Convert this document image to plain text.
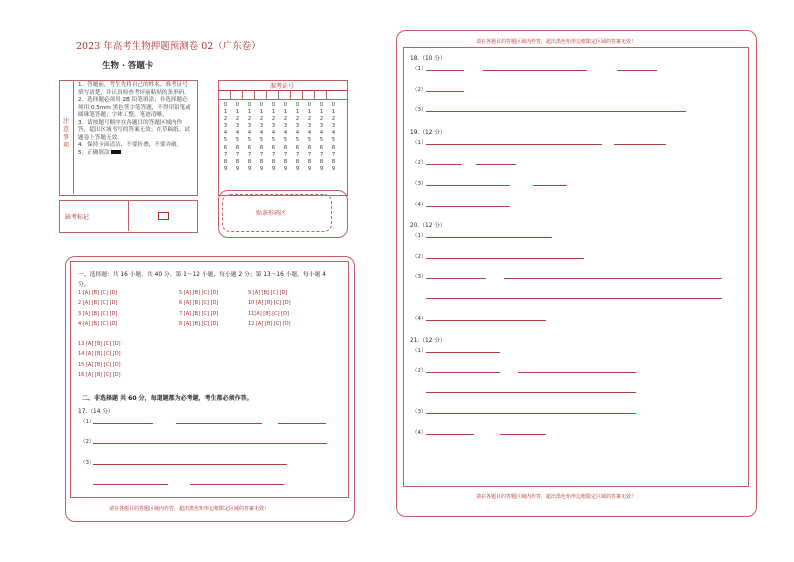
2023 年高考生物押题预测卷 02（广东卷）
生物 · 答题卡
注意事项
1．答题前，考生先将自己的姓名，准考证号填写清楚，并认真检查考评前粘贴的条形码。
2．选择题必须用 2B 铅笔填涂；非选择题必须用 0.5mm 黑色签字笔答题，不得用铅笔或圆珠笔答题；字体工整，笔迹清晰。
3．请按题号顺序在各题目的答题区域内作答，超出区域书写的答案无效；在草稿纸、试题卷上答题无效。
4．保持卡面清洁，不要折叠，不要弄破。
5．正确填涂
准考证号
0
1
2
3
4
5
6
7
8
9
0
1
2
3
4
5
6
7
8
9
0
1
2
3
4
5
6
7
8
9
0
1
2
3
4
5
6
7
8
9
0
1
2
3
4
5
6
7
8
9
0
1
2
3
4
5
6
7
8
9
0
1
2
3
4
5
6
7
8
9
0
1
2
3
4
5
6
7
8
9
0
1
2
3
4
5
6
7
8
9
0
1
2
3
4
5
6
7
8
9
缺考标记
贴条形码区
一、选择题：共 16 小题，共 40 分。第 1～12 小题，每小题 2 分；第 13～16 小题，每小题 4 分。
1 [A] [B] [C] [D]
2 [A] [B] [C] [D]
3 [A] [B] [C] [D]
4 [A] [B] [C] [D]
5 [A] [B] [C] [D]
6 [A] [B] [C] [D]
7 [A] [B] [C] [D]
8 [A] [B] [C] [D]
9 [A] [B] [C] [D]
10 [A] [B] [C] [D]
11[A] [B] [C] [D]
12 [A] [B] [C] [D]
13 [A] [B] [C] [D]
14 [A] [B] [C] [D]
15 [A] [B] [C] [D]
16 [A] [B] [C] [D]
二、非选择题 共 60 分，每道题都为必考题，考生都必须作答。
17.（14 分）
（1）
（2）
（3）
请在各题目的答题区域内作答，超出黑色矩形边框限定区域的答案无效！
请在各题目的答题区域内作答，超出黑色矩形边框限定区域的答案无效！
18.（10 分）
（1）
（2）
（3）
19.（12 分）
（1）
（2）
（3）
（4）
20.（12 分）
（1）
（2）
（3）
（4）
21.（12 分）
（1）
（2）
（3）
（4）
请在各题目的答题区域内作答，超出黑色矩形边框限定区域的答案无效！
